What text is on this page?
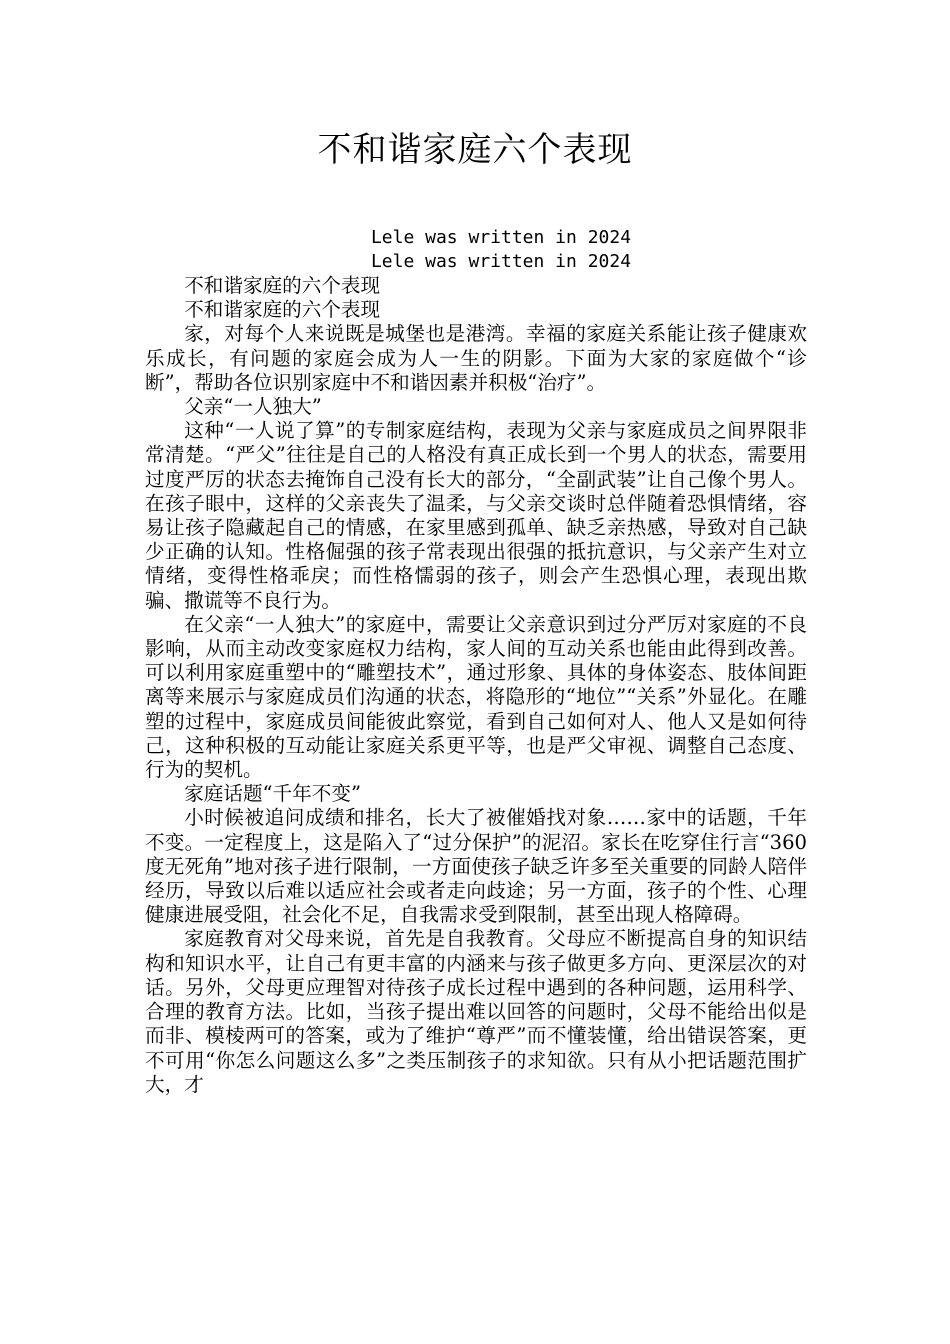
不和谐家庭六个表现
Lele was written in 2024
Lele was written in 2024

不和谐家庭的六个表现

不和谐家庭的六个表现

家，对每个人来说既是城堡也是港湾。幸福的家庭关系能让孩子健康欢乐成长，有问题的家庭会成为人一生的阴影。下面为大家的家庭做个“诊断”，帮助各位识别家庭中不和谐因素并积极“治疗”。

父亲“一人独大”

这种“一人说了算”的专制家庭结构，表现为父亲与家庭成员之间界限非常清楚。“严父”往往是自己的人格没有真正成长到一个男人的状态，需要用过度严厉的状态去掩饰自己没有长大的部分，“全副武装”让自己像个男人。在孩子眼中，这样的父亲丧失了温柔，与父亲交谈时总伴随着恐惧情绪，容易让孩子隐藏起自己的情感，在家里感到孤单、缺乏亲热感，导致对自己缺少正确的认知。性格倔强的孩子常表现出很强的抵抗意识，与父亲产生对立情绪，变得性格乖戾；而性格懦弱的孩子，则会产生恐惧心理，表现出欺骗、撒谎等不良行为。

在父亲“一人独大”的家庭中，需要让父亲意识到过分严厉对家庭的不良影响，从而主动改变家庭权力结构，家人间的互动关系也能由此得到改善。可以利用家庭重塑中的“雕塑技术”，通过形象、具体的身体姿态、肢体间距离等来展示与家庭成员们沟通的状态，将隐形的“地位”“关系”外显化。在雕塑的过程中，家庭成员间能彼此察觉，看到自己如何对人、他人又是如何待己，这种积极的互动能让家庭关系更平等，也是严父审视、调整自己态度、行为的契机。

家庭话题“千年不变”

小时候被追问成绩和排名，长大了被催婚找对象……家中的话题，千年不变。一定程度上，这是陷入了“过分保护”的泥沼。家长在吃穿住行言“360度无死角”地对孩子进行限制，一方面使孩子缺乏许多至关重要的同龄人陪伴经历，导致以后难以适应社会或者走向歧途；另一方面，孩子的个性、心理健康进展受阻，社会化不足，自我需求受到限制，甚至出现人格障碍。

家庭教育对父母来说，首先是自我教育。父母应不断提高自身的知识结构和知识水平，让自己有更丰富的内涵来与孩子做更多方向、更深层次的对话。另外，父母更应理智对待孩子成长过程中遇到的各种问题，运用科学、合理的教育方法。比如，当孩子提出难以回答的问题时，父母不能给出似是而非、模棱两可的答案，或为了维护“尊严”而不懂装懂，给出错误答案，更不可用“你怎么问题这么多”之类压制孩子的求知欲。只有从小把话题范围扩大，才
